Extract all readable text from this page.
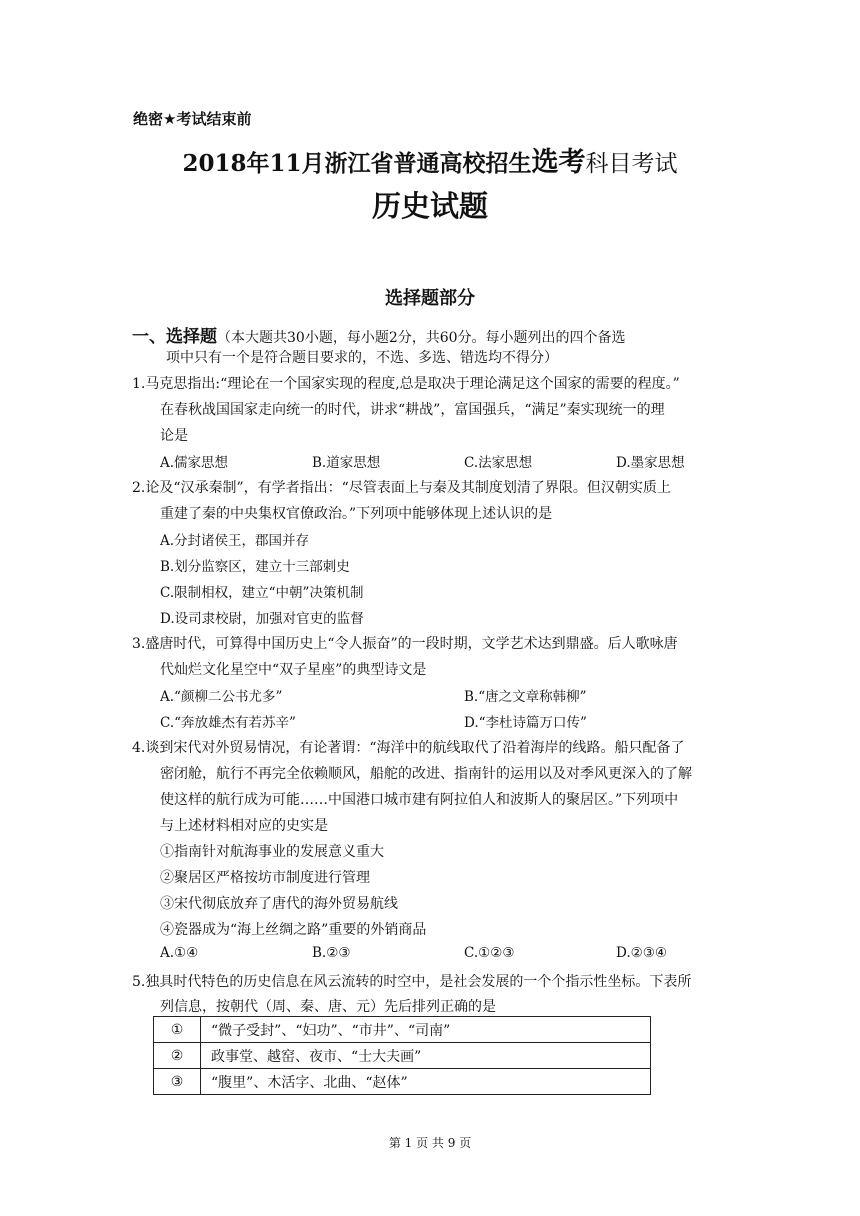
绝密★考试结束前
2018年11月浙江省普通高校招生选考科目考试
历史试题
选择题部分
一、选择题（本大题共30小题，每小题2分，共60分。每小题列出的四个备选
项中只有一个是符合题目要求的，不选、多选、错选均不得分）
1.马克思指出:“理论在一个国家实现的程度,总是取决于理论满足这个国家的需要的程度。”
在春秋战国国家走向统一的时代，讲求“耕战”，富国强兵，“满足”秦实现统一的理
论是
A.儒家思想	B.道家思想	C.法家思想	D.墨家思想
2.论及“汉承秦制”，有学者指出：“尽管表面上与秦及其制度划清了界限。但汉朝实质上
重建了秦的中央集权官僚政治。”下列项中能够体现上述认识的是
A.分封诸侯王，郡国并存
B.划分监察区，建立十三部刺史
C.限制相权，建立“中朝”决策机制
D.设司隶校尉，加强对官吏的监督
3.盛唐时代，可算得中国历史上“令人振奋”的一段时期，文学艺术达到鼎盛。后人歌咏唐
代灿烂文化星空中“双子星座”的典型诗文是
A.“颜柳二公书尤多”	B.“唐之文章称韩柳”
C.“奔放雄杰有若苏辛”	D.“李杜诗篇万口传”
4.谈到宋代对外贸易情况，有论著谓：“海洋中的航线取代了沿着海岸的线路。船只配备了
密闭舱，航行不再完全依赖顺风，船舵的改进、指南针的运用以及对季风更深入的了解
使这样的航行成为可能……中国港口城市建有阿拉伯人和波斯人的聚居区。”下列项中
与上述材料相对应的史实是
①指南针对航海事业的发展意义重大
②聚居区严格按坊市制度进行管理
③宋代彻底放弃了唐代的海外贸易航线
④瓷器成为“海上丝绸之路”重要的外销商品
A.①④	B.②③	C.①②③	D.②③④
5.独具时代特色的历史信息在风云流转的时空中，是社会发展的一个个指示性坐标。下表所
列信息，按朝代（周、秦、唐、元）先后排列正确的是
①	“微子受封”、“妇功”、“市井”、“司南”
②	政事堂、越窑、夜市、“士大夫画”
③	“腹里”、木活字、北曲、“赵体”
第 1 页 共 9 页
